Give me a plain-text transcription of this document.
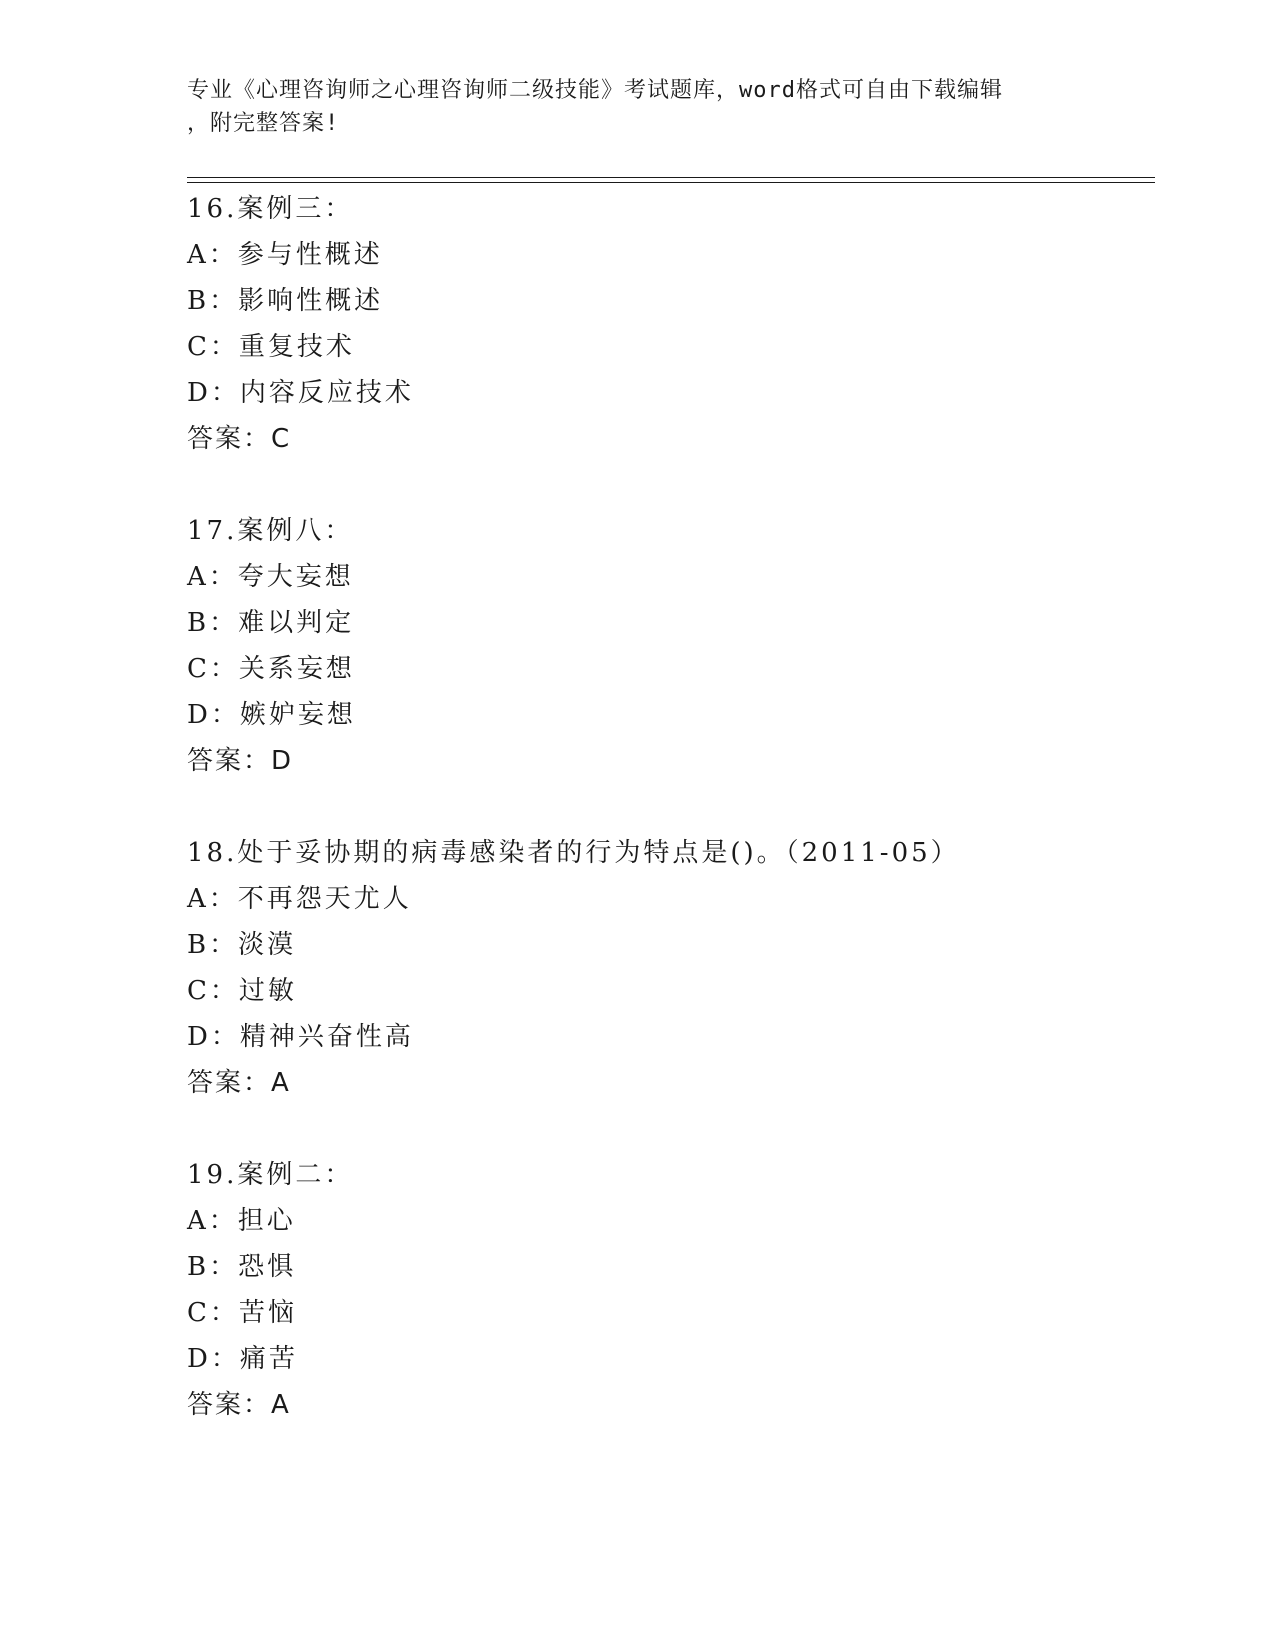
专业《心理咨询师之心理咨询师二级技能》考试题库，word格式可自由下载编辑
，附完整答案!
16.案例三：
A：参与性概述
B：影响性概述
C：重复技术
D：内容反应技术
答案：C
17.案例八：
A：夸大妄想
B：难以判定
C：关系妄想
D：嫉妒妄想
答案：D
18.处于妥协期的病毒感染者的行为特点是()。（2011-05）
A：不再怨天尤人
B：淡漠
C：过敏
D：精神兴奋性高
答案：A
19.案例二：
A：担心
B：恐惧
C：苦恼
D：痛苦
答案：A
